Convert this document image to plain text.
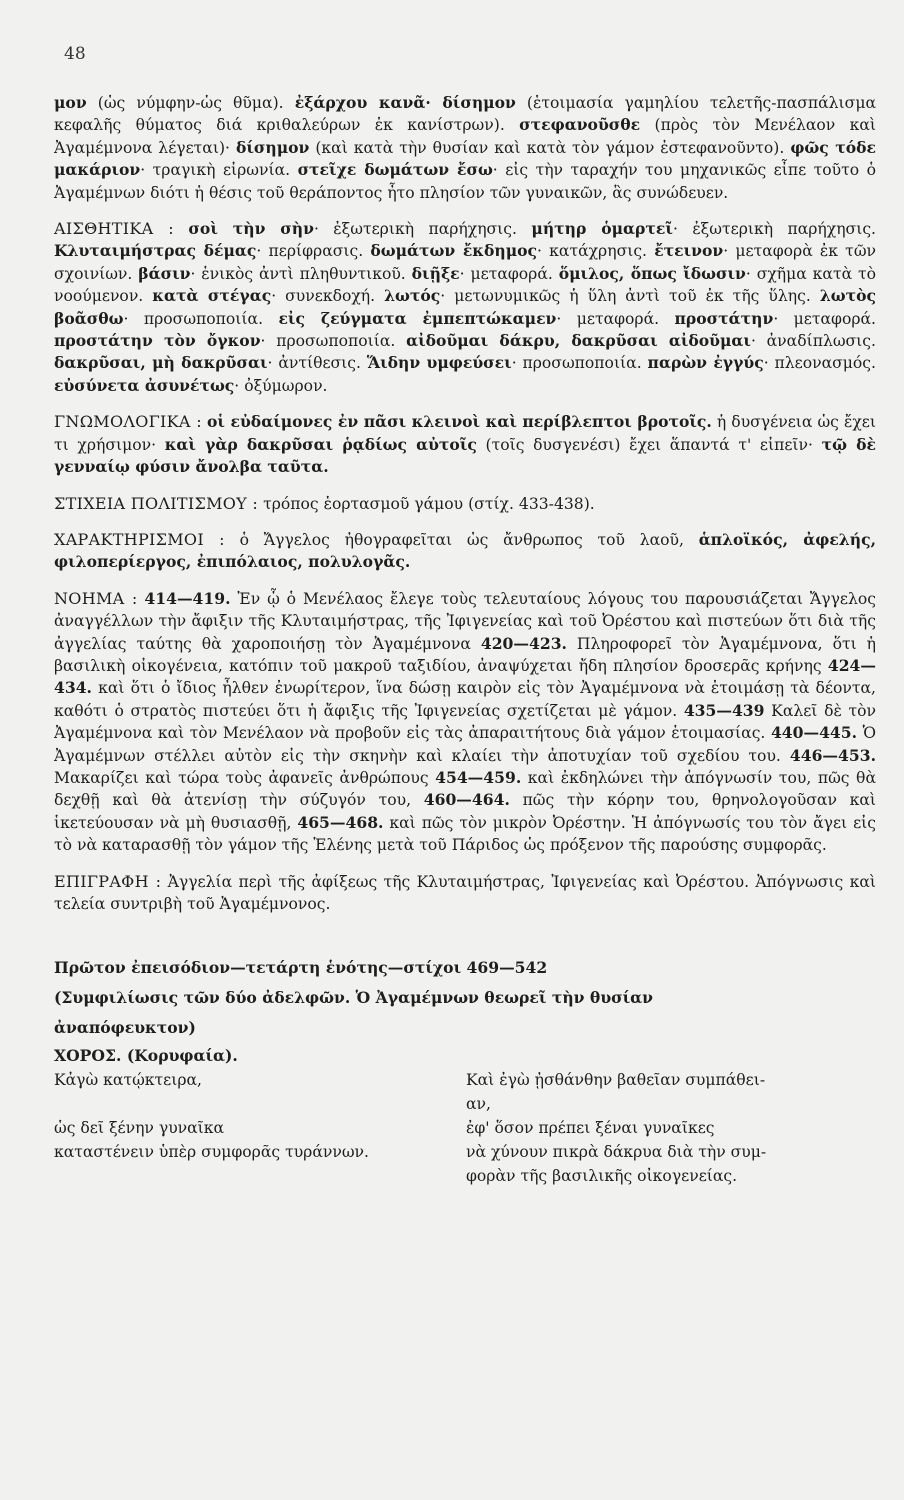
48

μον (ὡς νύμφην-ὡς θῦμα). ἐξάρχου κανᾶ· δίσημον (ἑτοιμασία γαμηλίου τελετῆς-πασπάλισμα κεφαλῆς θύματος διά κριθαλεύρων ἐκ κανίστρων). στεφανοῦσθε (πρὸς τὸν Μενέλαον καὶ Ἀγαμέμνονα λέγεται)· δίσημον (καὶ κατὰ τὴν θυσίαν καὶ κατὰ τὸν γάμον ἐστεφανοῦντο). φῶς τόδε μακάριον· τραγικὴ εἰρωνία. στεῖχε δωμάτων ἔσω· εἰς τὴν ταραχήν του μηχανικῶς εἶπε τοῦτο ὁ Ἀγαμέμνων διότι ἡ θέσις τοῦ θεράποντος ἦτο πλησίον τῶν γυναικῶν, ἃς συνώδευεν.

ΑΙΣΘΗΤΙΚΑ : σοὶ τὴν σὴν· ἐξωτερικὴ παρήχησις. μήτηρ ὁμαρτεῖ· ἐξωτερικὴ παρήχησις. Κλυταιμήστρας δέμας· περίφρασις. δωμάτων ἔκδημος· κατάχρησις. ἔτεινον· μεταφορὰ ἐκ τῶν σχοινίων. βάσιν· ἑνικὸς ἀντὶ πληθυντικοῦ. διῇξε· μεταφορά. ὅμιλος, ὅπως ἴδωσιν· σχῆμα κατὰ τὸ νοούμενον. κατὰ στέγας· συνεκδοχή. λωτός· μετωνυμικῶς ἡ ὕλη ἀντὶ τοῦ ἐκ τῆς ὕλης. λωτὸς βοᾶσθω· προσωποποιία. εἰς ζεύγματα ἐμπεπτώκαμεν· μεταφορά. προστάτην· μεταφορά. προστάτην τὸν ὄγκον· προσωποποιία. αἰδοῦμαι δάκρυ, δακρῦσαι αἰδοῦμαι· ἀναδίπλωσις. δακρῦσαι, μὴ δακρῦσαι· ἀντίθεσις. Ἅιδην υμφεύσει· προσωποποιία. παρὼν ἐγγύς· πλεονασμός. εὐσύνετα ἀσυνέτως· ὀξύμωρον.

ΓΝΩΜΟΛΟΓΙΚΑ : οἱ εὐδαίμονες ἐν πᾶσι κλεινοὶ καὶ περίβλεπτοι βροτοῖς. ἡ δυσγένεια ὡς ἔχει τι χρήσιμον· καὶ γὰρ δακρῦσαι ῥᾳδίως αὐτοῖς (τοῖς δυσγενέσι) ἔχει ἅπαντά τ' εἰπεῖν· τῷ δὲ γενναίῳ φύσιν ἄνολβα ταῦτα.

ΣΤΙΧΕΙΑ ΠΟΛΙΤΙΣΜΟΥ : τρόπος ἑορτασμοῦ γάμου (στίχ. 433-438).

ΧΑΡΑΚΤΗΡΙΣΜΟΙ : ὁ Ἄγγελος ἠθογραφεῖται ὡς ἄνθρωπος τοῦ λαοῦ, ἁπλοϊκός, ἀφελής, φιλοπερίεργος, ἐπιπόλαιος, πολυλογᾶς.

ΝΟΗΜΑ : 414—419. Ἐν ᾧ ὁ Μενέλαος ἔλεγε τοὺς τελευταίους λόγους του παρουσιάζεται Ἄγγελος ἀναγγέλλων τὴν ἄφιξιν τῆς Κλυταιμήστρας, τῆς Ἰφιγενείας καὶ τοῦ Ὀρέστου καὶ πιστεύων ὅτι διὰ τῆς ἀγγελίας ταύτης θὰ χαροποιήσῃ τὸν Ἀγαμέμνονα 420—423. Πληροφορεῖ τὸν Ἀγαμέμνονα, ὅτι ἡ βασιλικὴ οἰκογένεια, κατόπιν τοῦ μακροῦ ταξιδίου, ἀναψύχεται ἤδη πλησίον δροσερᾶς κρήνης 424—434. καὶ ὅτι ὁ ἴδιος ἦλθεν ἐνωρίτερον, ἵνα δώσῃ καιρὸν εἰς τὸν Ἀγαμέμνονα νὰ ἑτοιμάσῃ τὰ δέοντα, καθότι ὁ στρατὸς πιστεύει ὅτι ἡ ἄφιξις τῆς Ἰφιγενείας σχετίζεται μὲ γάμον. 435—439 Καλεῖ δὲ τὸν Ἀγαμέμνονα καὶ τὸν Μενέλαον νὰ προβοῦν εἰς τὰς ἀπαραιτήτους διὰ γάμον ἑτοιμασίας. 440—445. Ὁ Ἀγαμέμνων στέλλει αὐτὸν εἰς τὴν σκηνὴν καὶ κλαίει τὴν ἀποτυχίαν τοῦ σχεδίου του. 446—453. Μακαρίζει καὶ τώρα τοὺς ἀφανεῖς ἀνθρώπους 454—459. καὶ ἐκδηλώνει τὴν ἀπόγνωσίν του, πῶς θὰ δεχθῇ καὶ θὰ ἀτενίσῃ τὴν σύζυγόν του, 460—464. πῶς τὴν κόρην του, θρηνολογοῦσαν καὶ ἱκετεύουσαν νὰ μὴ θυσιασθῇ, 465—468. καὶ πῶς τὸν μικρὸν Ὀρέστην. Ἡ ἀπόγνωσίς του τὸν ἄγει εἰς τὸ νὰ καταρασθῇ τὸν γάμον τῆς Ἑλένης μετὰ τοῦ Πάριδος ὡς πρόξενον τῆς παρούσης συμφορᾶς.

ΕΠΙΓΡΑΦΗ : Ἀγγελία περὶ τῆς ἀφίξεως τῆς Κλυταιμήστρας, Ἰφιγενείας καὶ Ὀρέστου. Ἀπόγνωσις καὶ τελεία συντριβὴ τοῦ Ἀγαμέμνονος.

Πρῶτον ἐπεισόδιον—τετάρτη ἑνότης—στίχοι 469—542

(Συμφιλίωσις τῶν δύο ἀδελφῶν. Ὁ Ἀγαμέμνων θεωρεῖ τὴν θυσίαν

ἀναπόφευκτον)

ΧΟΡΟΣ. (Κορυφαία).
Κἀγὼ κατῴκτειρα,
ὡς δεῖ ξένην γυναῖκα
καταστένειν ὑπὲρ συμφορᾶς τυράννων.
Καὶ ἐγὼ ᾐσθάνθην βαθεῖαν συμπάθει-
αν,
ἐφ' ὅσον πρέπει ξέναι γυναῖκες
νὰ χύνουν πικρὰ δάκρυα διὰ τὴν συμ-
φορὰν τῆς βασιλικῆς οἰκογενείας.
